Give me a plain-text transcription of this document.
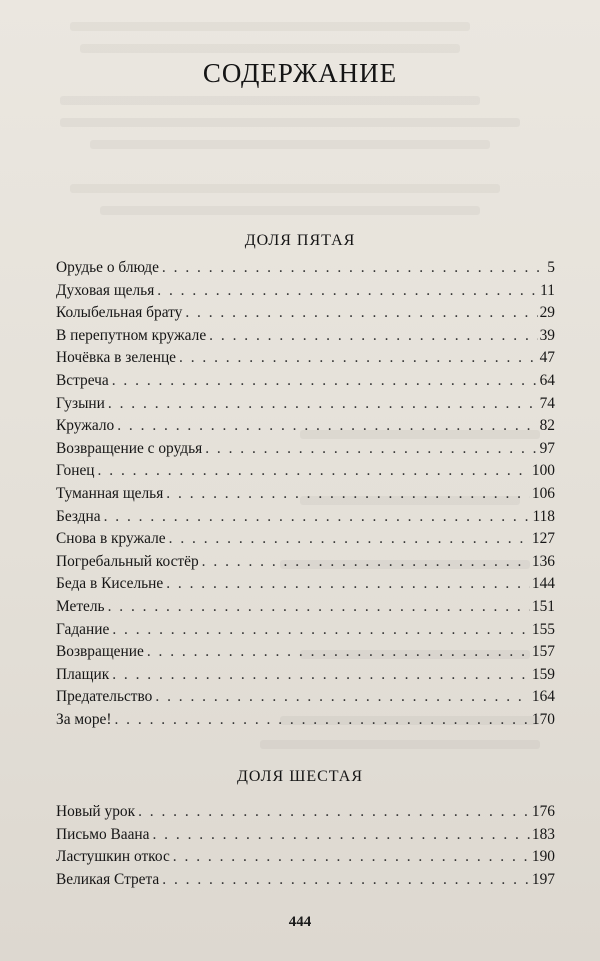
СОДЕРЖАНИЕ
ДОЛЯ ПЯТАЯ
Орудье о блюде . . .	5
Духовая щелья . . .	11
Колыбельная брату . . .	29
В перепутном кружале . . .	39
Ночёвка в зеленце . . .	47
Встреча . . .	64
Гузыни . . .	74
Кружало . . .	82
Возвращение с орудья . . .	97
Гонец . . .	100
Туманная щелья . . .	106
Бездна . . .	118
Снова в кружале . . .	127
Погребальный костёр . . .	136
Беда в Кисельне . . .	144
Метель . . .	151
Гадание . . .	155
Возвращение . . .	157
Плащик . . .	159
Предательство . . .	164
За море! . . .	170
ДОЛЯ ШЕСТАЯ
Новый урок . . .	176
Письмо Ваана . . .	183
Ластушкин откос . . .	190
Великая Стрета . . .	197
444
